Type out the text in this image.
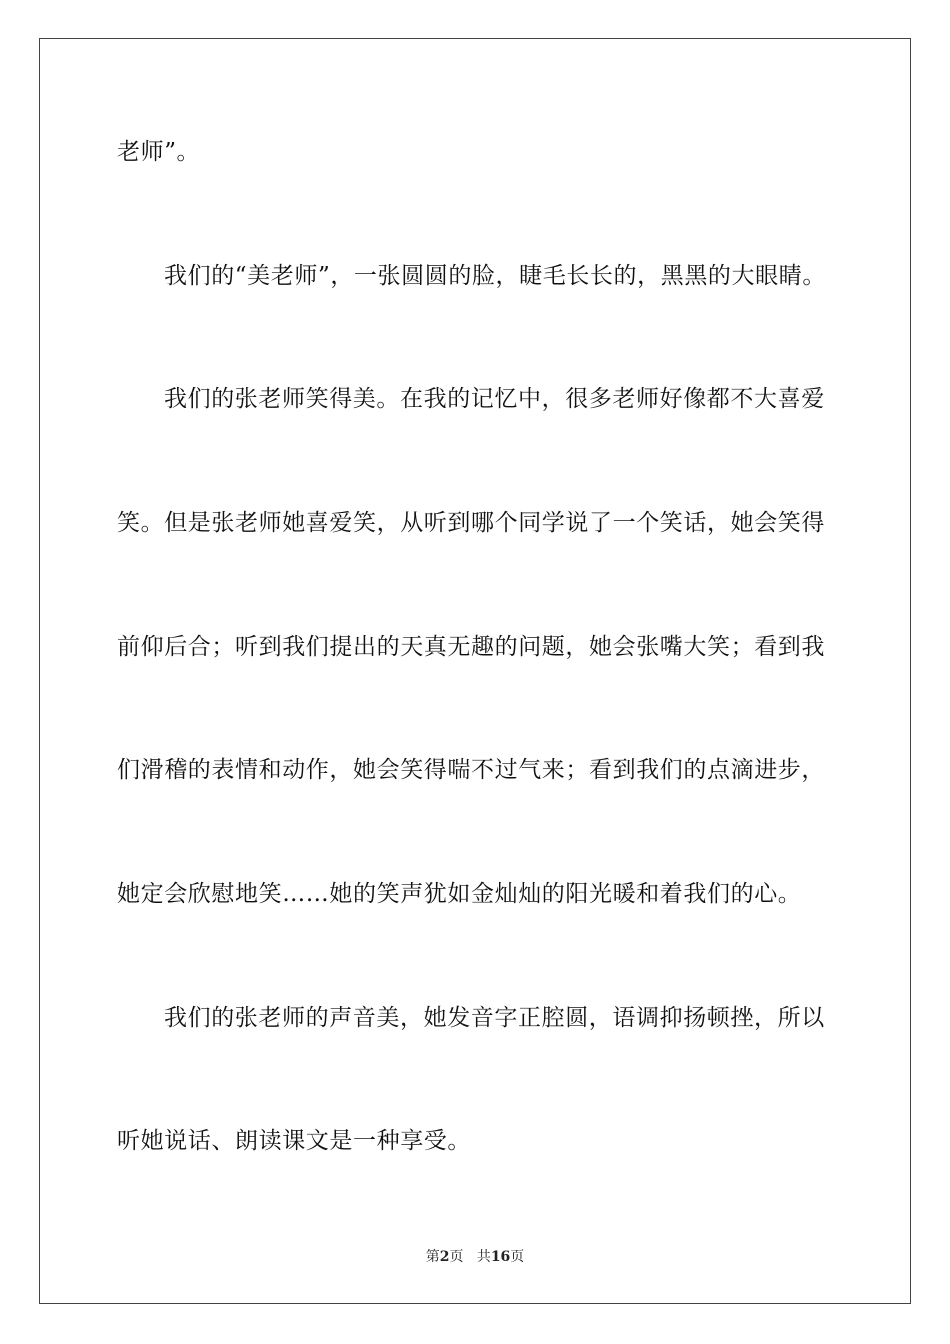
老师”。
我们的“美老师”，一张圆圆的脸，睫毛长长的，黑黑的大眼睛。
我们的张老师笑得美。在我的记忆中，很多老师好像都不大喜爱
笑。但是张老师她喜爱笑，从听到哪个同学说了一个笑话，她会笑得
前仰后合；听到我们提出的天真无趣的问题，她会张嘴大笑；看到我
们滑稽的表情和动作，她会笑得喘不过气来；看到我们的点滴进步，
她定会欣慰地笑……她的笑声犹如金灿灿的阳光暖和着我们的心。
我们的张老师的声音美，她发音字正腔圆，语调抑扬顿挫，所以
听她说话、朗读课文是一种享受。
第2页 共16页
